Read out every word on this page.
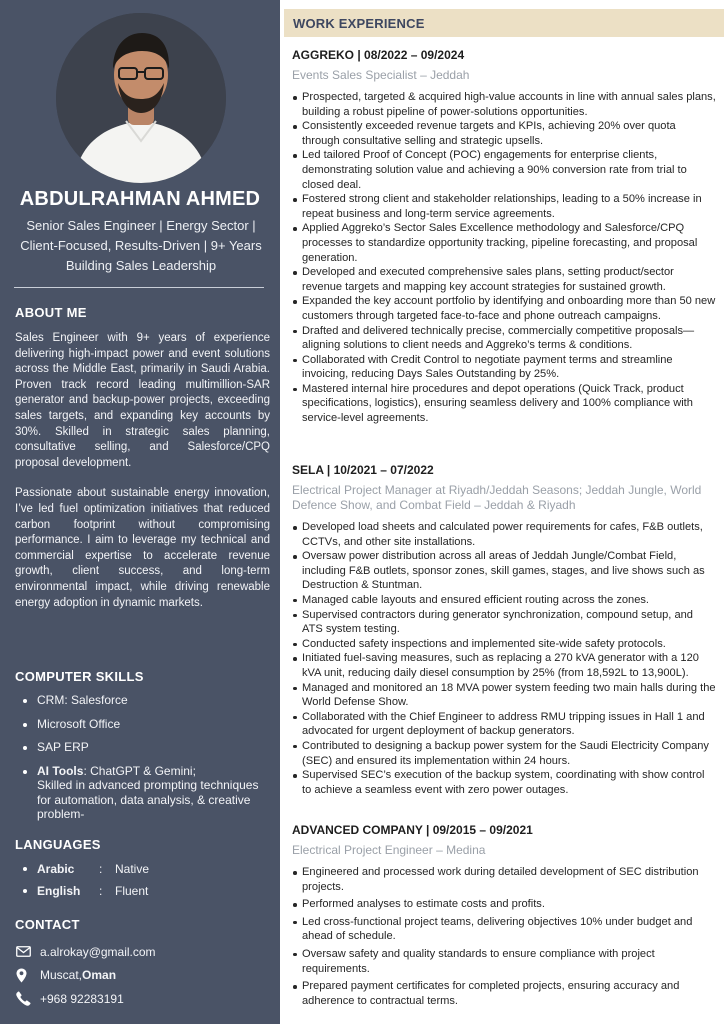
ABDULRAHMAN AHMED
Senior Sales Engineer | Energy Sector | Client-Focused, Results-Driven | 9+ Years Building Sales Leadership
ABOUT ME

Sales Engineer with 9+ years of experience delivering high-impact power and event solutions across the Middle East, primarily in Saudi Arabia. Proven track record leading multimillion-SAR generator and backup-power projects, exceeding sales targets, and expanding key accounts by 30%. Skilled in strategic sales planning, consultative selling, and Salesforce/CPQ proposal development.

Passionate about sustainable energy innovation, I’ve led fuel optimization initiatives that reduced carbon footprint without compromising performance. I aim to leverage my technical and commercial expertise to accelerate revenue growth, client success, and long-term environmental impact, while driving renewable energy adoption in dynamic markets.

COMPUTER SKILLS
CRM: Salesforce
Microsoft Office
SAP ERP
AI Tools: ChatGPT & Gemini;
Skilled in advanced prompting techniques for automation, data analysis, & creative problem-
LANGUAGES
Arabic : Native
English : Fluent
CONTACT
a.alrokay@gmail.com
Muscat, Oman
+968 92283191
WORK EXPERIENCE
AGGREKO | 08/2022 – 09/2024
Events Sales Specialist – Jeddah
Prospected, targeted & acquired high-value accounts in line with annual sales plans, building a robust pipeline of power-solutions opportunities.
Consistently exceeded revenue targets and KPIs, achieving 20% over quota through consultative selling and strategic upsells.
Led tailored Proof of Concept (POC) engagements for enterprise clients, demonstrating solution value and achieving a 90% conversion rate from trial to closed deal.
Fostered strong client and stakeholder relationships, leading to a 50% increase in repeat business and long-term service agreements.
Applied Aggreko’s Sector Sales Excellence methodology and Salesforce/CPQ processes to standardize opportunity tracking, pipeline forecasting, and proposal generation.
Developed and executed comprehensive sales plans, setting product/sector revenue targets and mapping key account strategies for sustained growth.
Expanded the key account portfolio by identifying and onboarding more than 50 new customers through targeted face-to-face and phone outreach campaigns.
Drafted and delivered technically precise, commercially competitive proposals—aligning solutions to client needs and Aggreko’s terms & conditions.
Collaborated with Credit Control to negotiate payment terms and streamline invoicing, reducing Days Sales Outstanding by 25%.
Mastered internal hire procedures and depot operations (Quick Track, product specifications, logistics), ensuring seamless delivery and 100% compliance with service-level agreements.
SELA | 10/2021 – 07/2022
Electrical Project Manager at Riyadh/Jeddah Seasons; Jeddah Jungle, World Defence Show, and Combat Field – Jeddah & Riyadh
Developed load sheets and calculated power requirements for cafes, F&B outlets, CCTVs, and other site installations.
Oversaw power distribution across all areas of Jeddah Jungle/Combat Field, including F&B outlets, sponsor zones, skill games, stages, and live shows such as Destruction & Stuntman.
Managed cable layouts and ensured efficient routing across the zones.
Supervised contractors during generator synchronization, compound setup, and ATS system testing.
Conducted safety inspections and implemented site-wide safety protocols.
Initiated fuel-saving measures, such as replacing a 270 kVA generator with a 120 kVA unit, reducing daily diesel consumption by 25% (from 18,592L to 13,900L).
Managed and monitored an 18 MVA power system feeding two main halls during the World Defense Show.
Collaborated with the Chief Engineer to address RMU tripping issues in Hall 1 and advocated for urgent deployment of backup generators.
Contributed to designing a backup power system for the Saudi Electricity Company (SEC) and ensured its implementation within 24 hours.
Supervised SEC’s execution of the backup system, coordinating with show control to achieve a seamless event with zero power outages.
ADVANCED COMPANY | 09/2015 – 09/2021
Electrical Project Engineer – Medina
Engineered and processed work during detailed development of SEC distribution projects.
Performed analyses to estimate costs and profits.
Led cross-functional project teams, delivering objectives 10% under budget and ahead of schedule.
Oversaw safety and quality standards to ensure compliance with project requirements.
Prepared payment certificates for completed projects, ensuring accuracy and adherence to contractual terms.
